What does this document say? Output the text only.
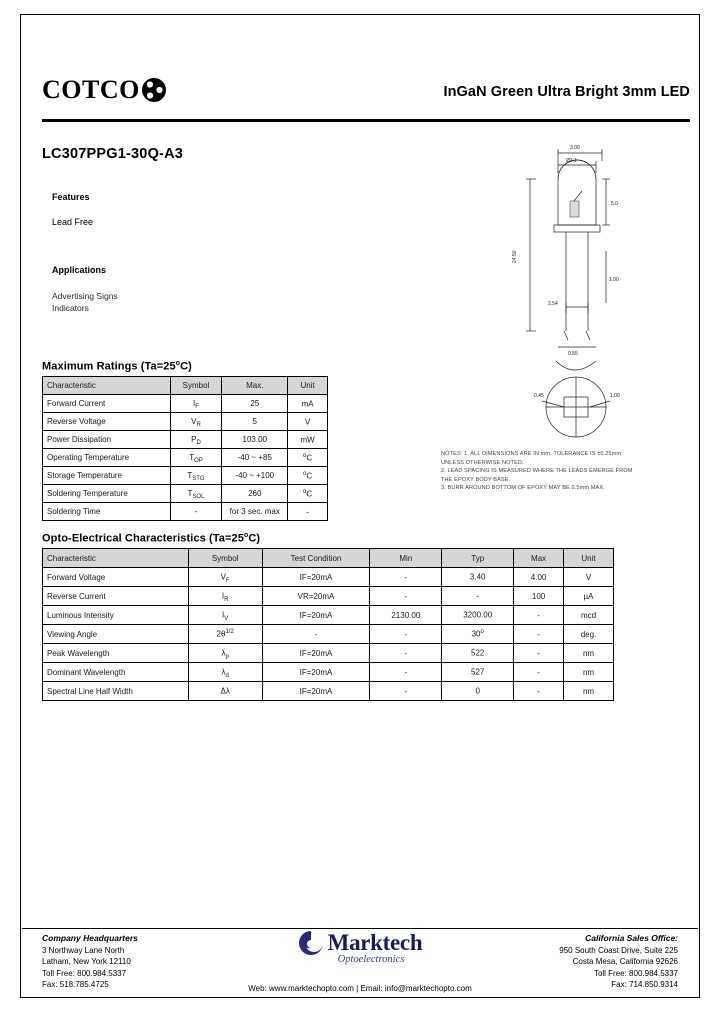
COTCO	InGaN Green Ultra Bright 3mm LED
LC307PPG1-30Q-A3
Features
Lead Free
Applications
Advertising Signs
Indicators
3.00
Ø3.1
24.50
5.0
1.00
2.54
0.55
0.45	1.00
NOTES: 1. ALL DIMENSIONS ARE IN mm. TOLERANCE IS ±0.25mm
UNLESS OTHERWISE NOTED.
2. LEAD SPACING IS MEASURED WHERE THE LEADS EMERGE FROM
THE EPOXY BODY BASE.
3. BURR AROUND BOTTOM OF EPOXY MAY BE 0.5mm MAX.
Maximum Ratings $(Ta=25^oC)$
Characteristic	Symbol	Max.	Unit
Forward Current	$I_F$	25	mA
Reverse Voltage	$V_R$	5	V
Power Dissipation	$P_D$	103.00	mW
Operating Temperature	$T_{OP}$	-40 ~ +85	$^o$C
Storage Temperature	$T_{STG}$	-40 ~ +100	$^o$C
Soldering Temperature	$T_{SOL}$	260	$^o$C
Soldering Time	-	for 3 sec. max	-
Opto-Electrical Characteristics $(Ta=25^oC)$
Characteristic	Symbol	Test Condition	Min	Typ	Max	Unit
Forward Voltage	$V_F$	IF=20mA	-	3.40	4.00	V
Reverse Current	$I_R$	VR=20mA	-	-	100	µA
Luminous Intensity	$I_V$	IF=20mA	2130.00	3200.00	-	mcd
Viewing Angle	$2\theta^{1/2}$	-	-	30$^o$	-	deg.
Peak Wavelength	$\lambda_p$	IF=20mA	-	522	-	nm
Dominant Wavelength	$\lambda_d$	IF=20mA	-	527	-	nm
Spectral Line Half Width	Δλ	IF=20mA	-	0	-	nm
Company Headquarters
3 Northway Lane North
Latham, New York 12110
Toll Free: 800.984.5337
Fax: 518.785.4725
Marktech
Optoelectronics
California Sales Office:
950 South Coast Drive, Suite 225
Costa Mesa, California 92626
Toll Free: 800.984.5337
Fax: 714.850.9314
Web: www.marktechopto.com | Email: info@marktechopto.com
